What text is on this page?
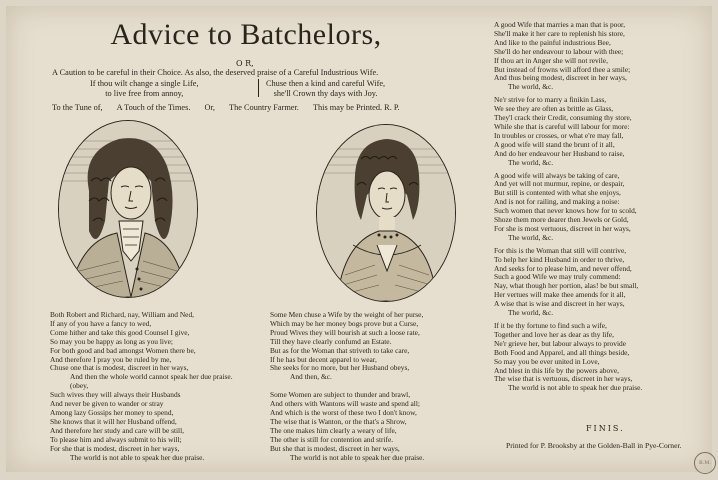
Advice to Batchelors,
O R,
A Caution to be careful in their Choice. As also, the deserved praise of a Careful Industrious Wife.
If thou wilt change a single Life,
to live free from annoy,
Chuse then a kind and careful Wife,
she'll Crown thy days with Joy.
To the Tune of, A Touch of the Times. Or, The Country Farmer. This may be Printed. R. P.
Both Robert and Richard, nay, William and Ned,
If any of you have a fancy to wed,
Come hither and take this good Counsel I give,
So may you be happy as long as you live;
For both good and bad amongst Women there be,
And therefore I pray you be ruled by me,
Chuse one that is modest, discreet in her ways,
And then the whole world cannot speak her due praise.
(obey,
Such wives they will always their Husbands
And never be given to wander or stray
Among lazy Gossips her money to spend,
She knows that it will her Husband offend,
And therefore her study and care will be still,
To please him and always submit to his will;
For she that is modest, discreet in her ways,
The world is not able to speak her due praise.
Some Men chuse a Wife by the weight of her purse,
Which may be her money bogs prove but a Curse,
Proud Wives they will bourish at such a loose rate,
Till they have clearly confumd an Estate.
But as for the Woman that striveth to take care,
If he has but decent apparel to wear,
She seeks for no more, but her Husband obeys,
And then, &c.

Some Women are subject to thunder and brawl,
And others with Wantons will waste and spend all;
And which is the worst of these two I don't know,
The wise that is Wanton, or the that's a Shrow,
The one makes him clearly a weary of life,
The other is still for contention and strife.
But she that is modest, discreet in her ways,
The world is not able to speak her due praise.
A good Wife that marries a man that is poor,
She'll make it her care to replenish his store,
And like to the painful industrious Bee,
She'll do her endeavour to labour with thee;
If thou art in Anger she will not revile,
But instead of frowns will afford thee a smile;
And thus being modest, discreet in her ways,
The world, &c.
Ne'r strive for to marry a finikin Lass,
We see they are often as brittle as Glass,
They'l crack their Credit, consuming thy store,
While she that is careful will labour for more:
In troubles or crosses, or what e're may fall,
A good wife will stand the brunt of it all,
And do her endeavour her Husband to raise,
The world, &c.
A good wife will always be taking of care,
And yet will not murmur, repine, or despair,
But still is contented with what she enjoys,
And is not for railing, and making a noise:
Such women that never knows how for to scold,
Shoze them more dearer then Jewels or Gold,
For she is most vertuous, discreet in her ways,
The world, &c.
For this is the Woman that still will contrive,
To help her kind Husband in order to thrive,
And seeks for to please him, and never offend,
Such a good Wife we may truly commend:
Nay, what though her portion, alas! be but small,
Her vertues will make thee amends for it all,
A wise that is wise and discreet in her ways,
The world, &c.
If it be thy fortune to find such a wife,
Together and love her as dear as thy life,
Ne'r grieve her, but labour always to provide
Both Food and Apparel, and all things beside,
So may you be ever united in Love,
And blest in this life by the powers above,
The wise that is vertuous, discreet in her ways,
The world is not able to speak her due praise.
FINIS.
Printed for P. Brooksby at the Golden-Ball in Pye-Corner.
B.M.
